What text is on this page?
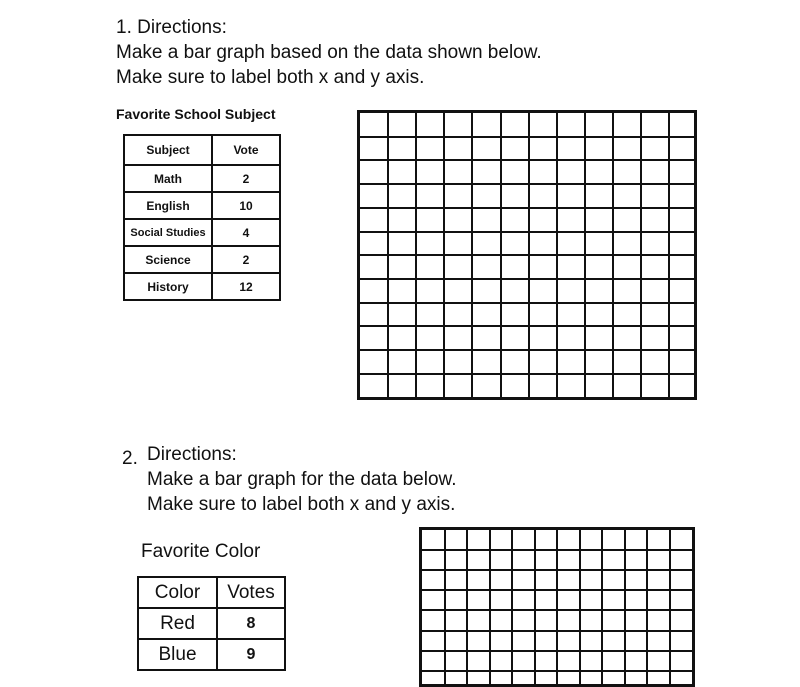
1. Directions:
Make a bar graph based on the data shown below.
Make sure to label both x and y axis.
Favorite School Subject
Subject	Vote
Math	2
English	10
Social Studies	4
Science	2
History	12
2. Directions:
Make a bar graph for the data below.
Make sure to label both x and y axis.
Favorite Color
Color	Votes
Red	8
Blue	9
